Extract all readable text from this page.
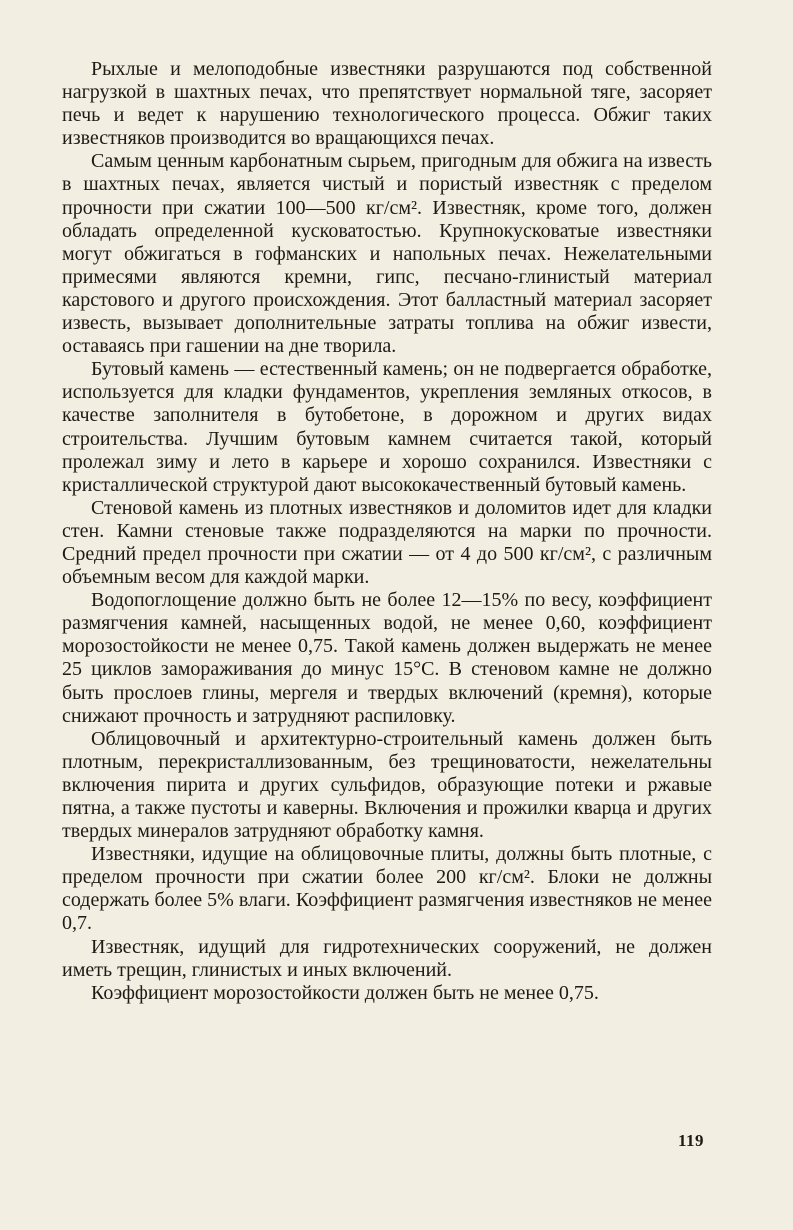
Рыхлые и мелоподобные известняки разрушаются под собственной нагрузкой в шахтных печах, что препятствует нормальной тяге, засоряет печь и ведет к нарушению технологического процесса. Обжиг таких известняков производится во вращающихся печах.

Самым ценным карбонатным сырьем, пригодным для обжига на известь в шахтных печах, является чистый и пористый известняк с пределом прочности при сжатии 100—500 кг/см². Известняк, кроме того, должен обладать определенной кусковатостью. Крупнокусковатые известняки могут обжигаться в гофманских и напольных печах. Нежелательными примесями являются кремни, гипс, песчано-глинистый материал карстового и другого происхождения. Этот балластный материал засоряет известь, вызывает дополнительные затраты топлива на обжиг извести, оставаясь при гашении на дне творила.

Бутовый камень — естественный камень; он не подвергается обработке, используется для кладки фундаментов, укрепления земляных откосов, в качестве заполнителя в бутобетоне, в дорожном и других видах строительства. Лучшим бутовым камнем считается такой, который пролежал зиму и лето в карьере и хорошо сохранился. Известняки с кристаллической структурой дают высококачественный бутовый камень.

Стеновой камень из плотных известняков и доломитов идет для кладки стен. Камни стеновые также подразделяются на марки по прочности. Средний предел прочности при сжатии — от 4 до 500 кг/см², с различным объемным весом для каждой марки.

Водопоглощение должно быть не более 12—15% по весу, коэффициент размягчения камней, насыщенных водой, не менее 0,60, коэффициент морозостойкости не менее 0,75. Такой камень должен выдержать не менее 25 циклов замораживания до минус 15°С. В стеновом камне не должно быть прослоев глины, мергеля и твердых включений (кремня), которые снижают прочность и затрудняют распиловку.

Облицовочный и архитектурно-строительный камень должен быть плотным, перекристаллизованным, без трещиноватости, нежелательны включения пирита и других сульфидов, образующие потеки и ржавые пятна, а также пустоты и каверны. Включения и прожилки кварца и других твердых минералов затрудняют обработку камня.

Известняки, идущие на облицовочные плиты, должны быть плотные, с пределом прочности при сжатии более 200 кг/см². Блоки не должны содержать более 5% влаги. Коэффициент размягчения известняков не менее 0,7.

Известняк, идущий для гидротехнических сооружений, не должен иметь трещин, глинистых и иных включений.

Коэффициент морозостойкости должен быть не менее 0,75.

119
